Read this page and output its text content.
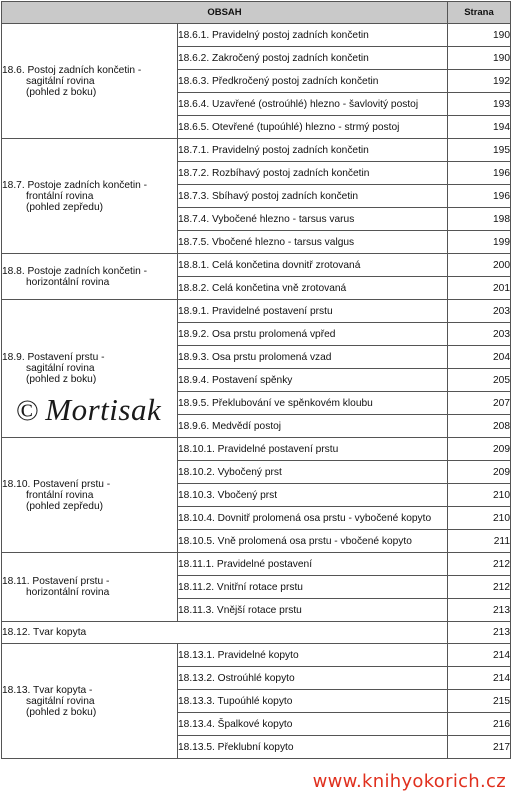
OBSAH		Strana

18.6. Postoj zadních končetin -
sagitální rovina
(pohled z boku)	18.6.1. Pravidelný postoj zadních končetin	190
	18.6.2. Zakročený postoj zadních končetin	190
	18.6.3. Předkročený postoj zadních končetin	192
	18.6.4. Uzavřené (ostroúhlé) hlezno - šavlovitý postoj	193
	18.6.5. Otevřené (tupoúhlé) hlezno - strmý postoj	194

18.7. Postoje zadních končetin -
frontální rovina
(pohled zepředu)	18.7.1. Pravidelný postoj zadních končetin	195
	18.7.2. Rozbíhavý postoj zadních končetin	196
	18.7.3. Sbíhavý postoj zadních končetin	196
	18.7.4. Vybočené hlezno - tarsus varus	198
	18.7.5. Vbočené hlezno - tarsus valgus	199

18.8. Postoje zadních končetin -
horizontální rovina	18.8.1. Celá končetina dovnitř zrotovaná	200
	18.8.2. Celá končetina vně zrotovaná	201

18.9. Postavení prstu -
sagitální rovina
(pohled z boku)	18.9.1. Pravidelné postavení prstu	203
	18.9.2. Osa prstu prolomená vpřed	203
	18.9.3. Osa prstu prolomená vzad	204
	18.9.4. Postavení spěnky	205
	18.9.5. Překlubování ve spěnkovém kloubu	207
	18.9.6. Medvědí postoj	208

18.10. Postavení prstu -
frontální rovina
(pohled zepředu)	18.10.1. Pravidelné postavení prstu	209
	18.10.2. Vybočený prst	209
	18.10.3. Vbočený prst	210
	18.10.4. Dovnitř prolomená osa prstu - vybočené kopyto	210
	18.10.5. Vně prolomená osa prstu - vbočené kopyto	211

18.11. Postavení prstu -
horizontální rovina	18.11.1. Pravidelné postavení	212
	18.11.2. Vnitřní rotace prstu	212
	18.11.3. Vnější rotace prstu	213
18.12. Tvar kopyta		213

18.13. Tvar kopyta -
sagitální rovina
(pohled z boku)	18.13.1. Pravidelné kopyto	214
	18.13.2. Ostroúhlé kopyto	214
	18.13.3. Tupoúhlé kopyto	215
	18.13.4. Špalkové kopyto	216
	18.13.5. Překlubní kopyto	217
© Mortisak
www.knihyokorich.cz
